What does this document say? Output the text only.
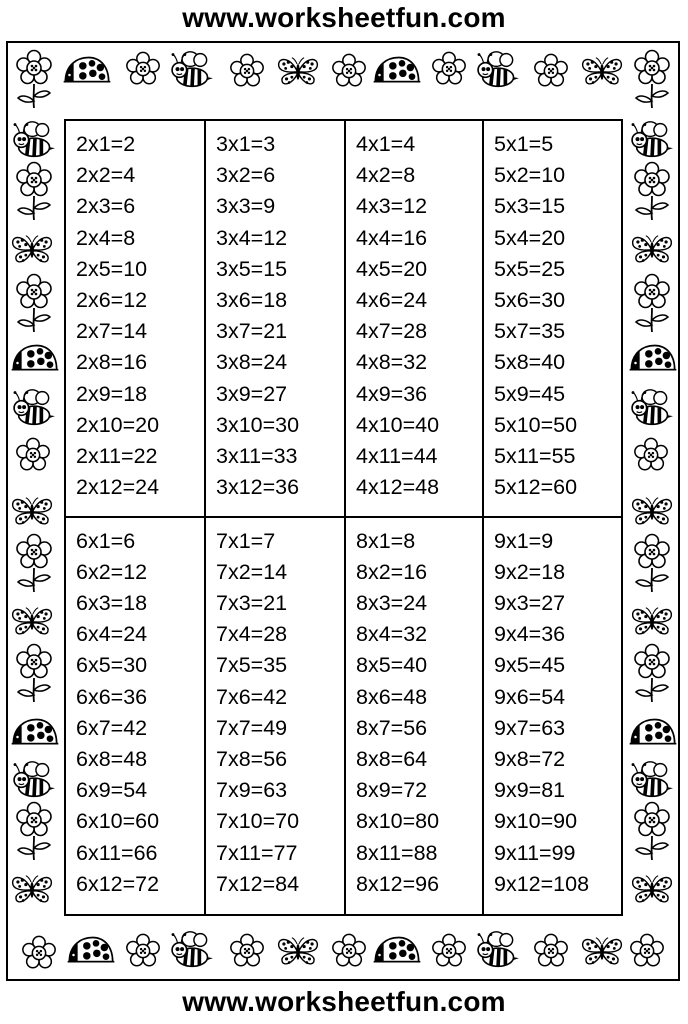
www.worksheetfun.com
2x1=2
2x2=4
2x3=6
2x4=8
2x5=10
2x6=12
2x7=14
2x8=16
2x9=18
2x10=20
2x11=22
2x12=24
3x1=3
3x2=6
3x3=9
3x4=12
3x5=15
3x6=18
3x7=21
3x8=24
3x9=27
3x10=30
3x11=33
3x12=36
4x1=4
4x2=8
4x3=12
4x4=16
4x5=20
4x6=24
4x7=28
4x8=32
4x9=36
4x10=40
4x11=44
4x12=48
5x1=5
5x2=10
5x3=15
5x4=20
5x5=25
5x6=30
5x7=35
5x8=40
5x9=45
5x10=50
5x11=55
5x12=60
6x1=6
6x2=12
6x3=18
6x4=24
6x5=30
6x6=36
6x7=42
6x8=48
6x9=54
6x10=60
6x11=66
6x12=72
7x1=7
7x2=14
7x3=21
7x4=28
7x5=35
7x6=42
7x7=49
7x8=56
7x9=63
7x10=70
7x11=77
7x12=84
8x1=8
8x2=16
8x3=24
8x4=32
8x5=40
8x6=48
8x7=56
8x8=64
8x9=72
8x10=80
8x11=88
8x12=96
9x1=9
9x2=18
9x3=27
9x4=36
9x5=45
9x6=54
9x7=63
9x8=72
9x9=81
9x10=90
9x11=99
9x12=108
www.worksheetfun.com
